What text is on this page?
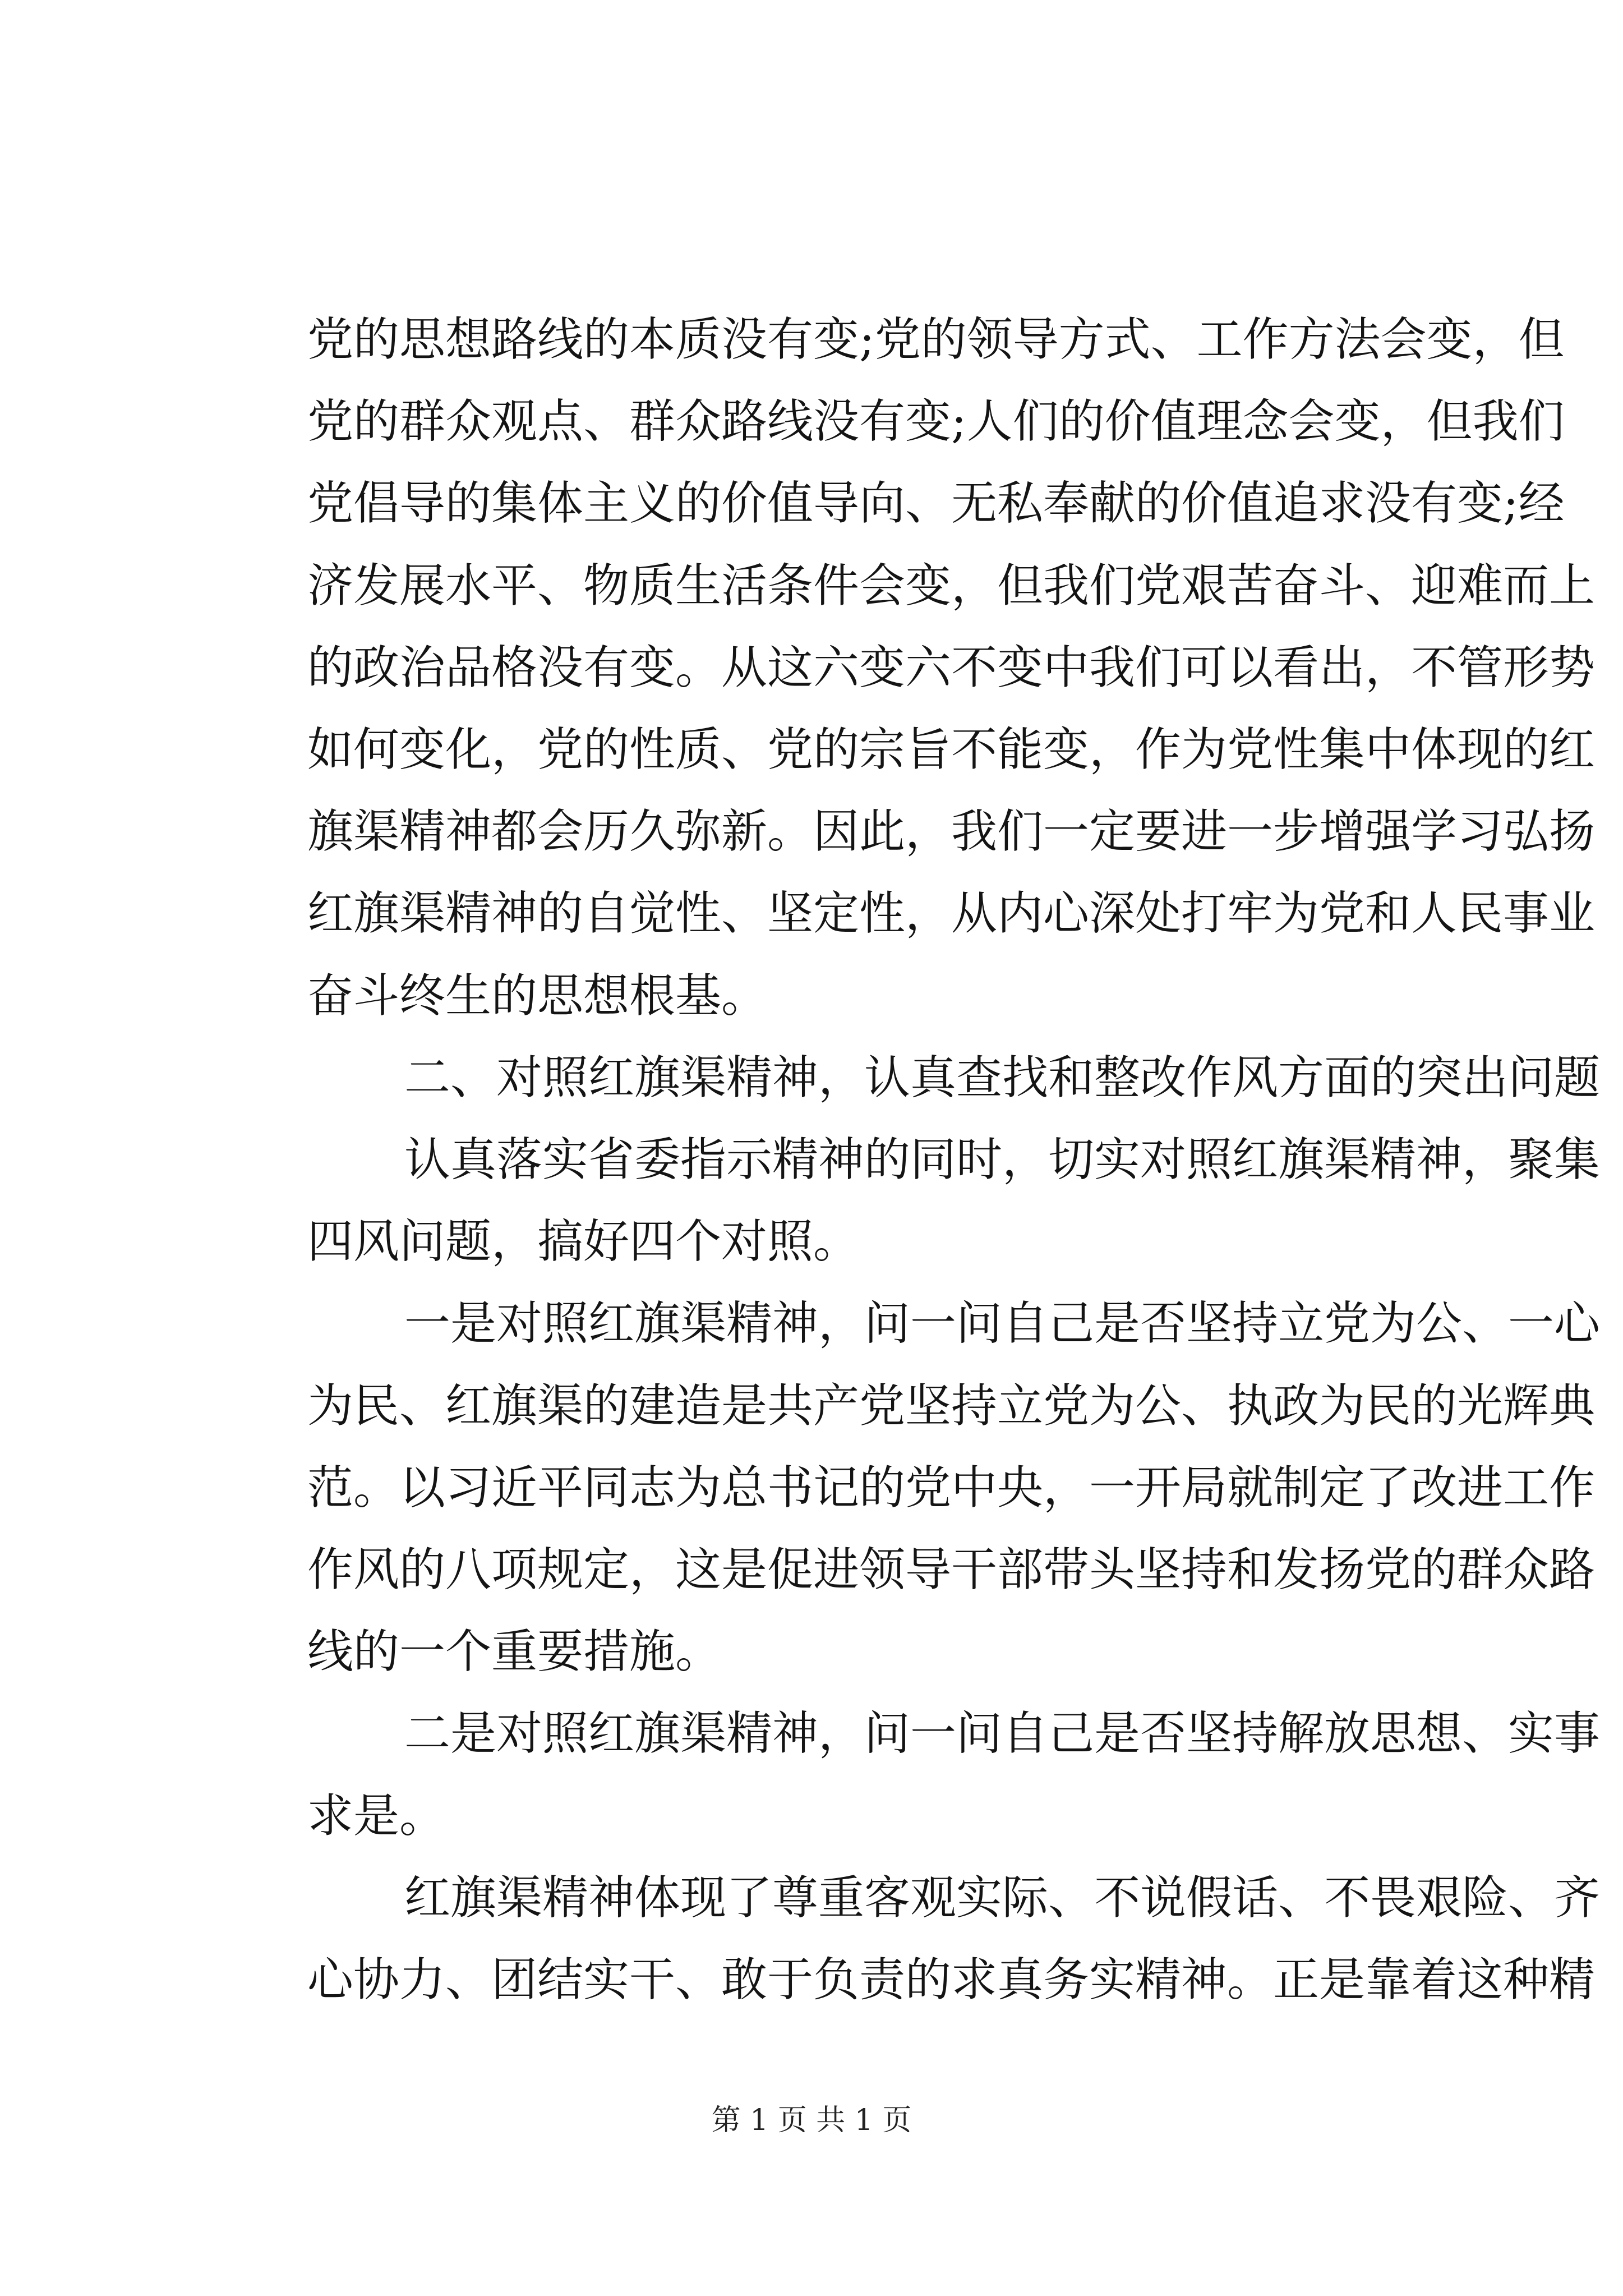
党的思想路线的本质没有变;党的领导方式、工作方法会变，但
党的群众观点、群众路线没有变;人们的价值理念会变，但我们
党倡导的集体主义的价值导向、无私奉献的价值追求没有变;经
济发展水平、物质生活条件会变，但我们党艰苦奋斗、迎难而上
的政治品格没有变。从这六变六不变中我们可以看出，不管形势
如何变化，党的性质、党的宗旨不能变，作为党性集中体现的红
旗渠精神都会历久弥新。因此，我们一定要进一步增强学习弘扬
红旗渠精神的自觉性、坚定性，从内心深处打牢为党和人民事业
奋斗终生的思想根基。
二、对照红旗渠精神，认真查找和整改作风方面的突出问题
认真落实省委指示精神的同时，切实对照红旗渠精神，聚集
四风问题，搞好四个对照。
一是对照红旗渠精神，问一问自己是否坚持立党为公、一心
为民、红旗渠的建造是共产党坚持立党为公、执政为民的光辉典
范。以习近平同志为总书记的党中央，一开局就制定了改进工作
作风的八项规定，这是促进领导干部带头坚持和发扬党的群众路
线的一个重要措施。
二是对照红旗渠精神，问一问自己是否坚持解放思想、实事
求是。
红旗渠精神体现了尊重客观实际、不说假话、不畏艰险、齐
心协力、团结实干、敢于负责的求真务实精神。正是靠着这种精
第 1 页 共 1 页
